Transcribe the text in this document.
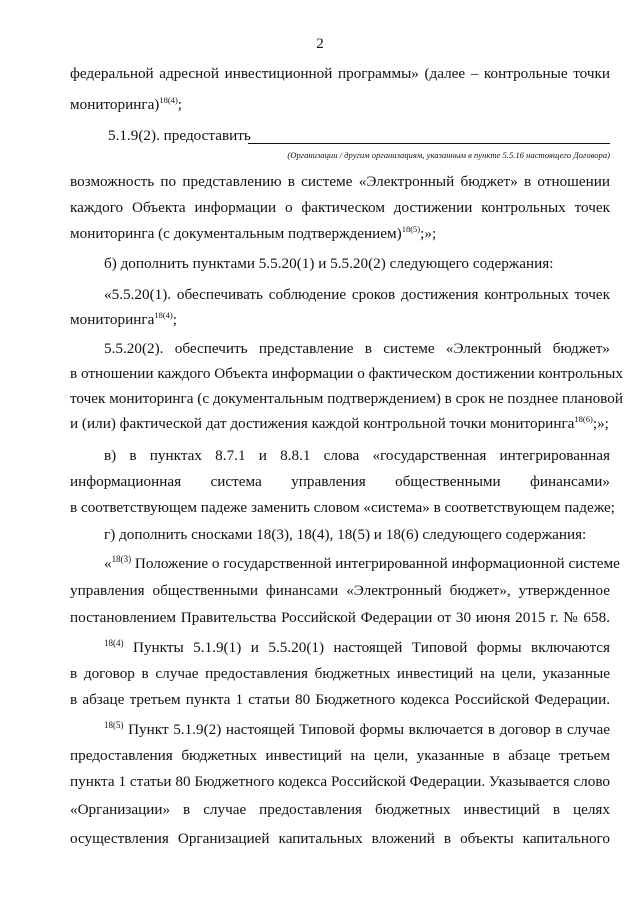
2
федеральной адресной инвестиционной программы» (далее – контрольные точки
мониторинга)$^{18(4)}$;
5.1.9(2). предоставить
(Организации / другим организациям, указанным в пункте 5.5.16 настоящего Договора)
возможность по представлению в системе «Электронный бюджет» в отношении
каждого Объекта информации о фактическом достижении контрольных точек
мониторинга (с документальным подтверждением)$^{18(5)}$;»;
б) дополнить пунктами 5.5.20(1) и 5.5.20(2) следующего содержания:
«5.5.20(1). обеспечивать соблюдение сроков достижения контрольных точек
мониторинга$^{18(4)}$;
5.5.20(2). обеспечить представление в системе «Электронный бюджет»
в отношении каждого Объекта информации о фактическом достижении контрольных
точек мониторинга (с документальным подтверждением) в срок не позднее плановой
и (или) фактической дат достижения каждой контрольной точки мониторинга$^{18(6)}$;»;
в) в пунктах 8.7.1 и 8.8.1 слова «государственная интегрированная
информационная система управления общественными финансами»
в соответствующем падеже заменить словом «система» в соответствующем падеже;
г) дополнить сносками 18(3), 18(4), 18(5) и 18(6) следующего содержания:
«$^{18(3)}$ Положение о государственной интегрированной информационной системе
управления общественными финансами «Электронный бюджет», утвержденное
постановлением Правительства Российской Федерации от 30 июня 2015 г. № 658.
$^{18(4)}$ Пункты 5.1.9(1) и 5.5.20(1) настоящей Типовой формы включаются
в договор в случае предоставления бюджетных инвестиций на цели, указанные
в абзаце третьем пункта 1 статьи 80 Бюджетного кодекса Российской Федерации.
$^{18(5)}$ Пункт 5.1.9(2) настоящей Типовой формы включается в договор в случае
предоставления бюджетных инвестиций на цели, указанные в абзаце третьем
пункта 1 статьи 80 Бюджетного кодекса Российской Федерации. Указывается слово
«Организации» в случае предоставления бюджетных инвестиций в целях
осуществления Организацией капитальных вложений в объекты капитального
